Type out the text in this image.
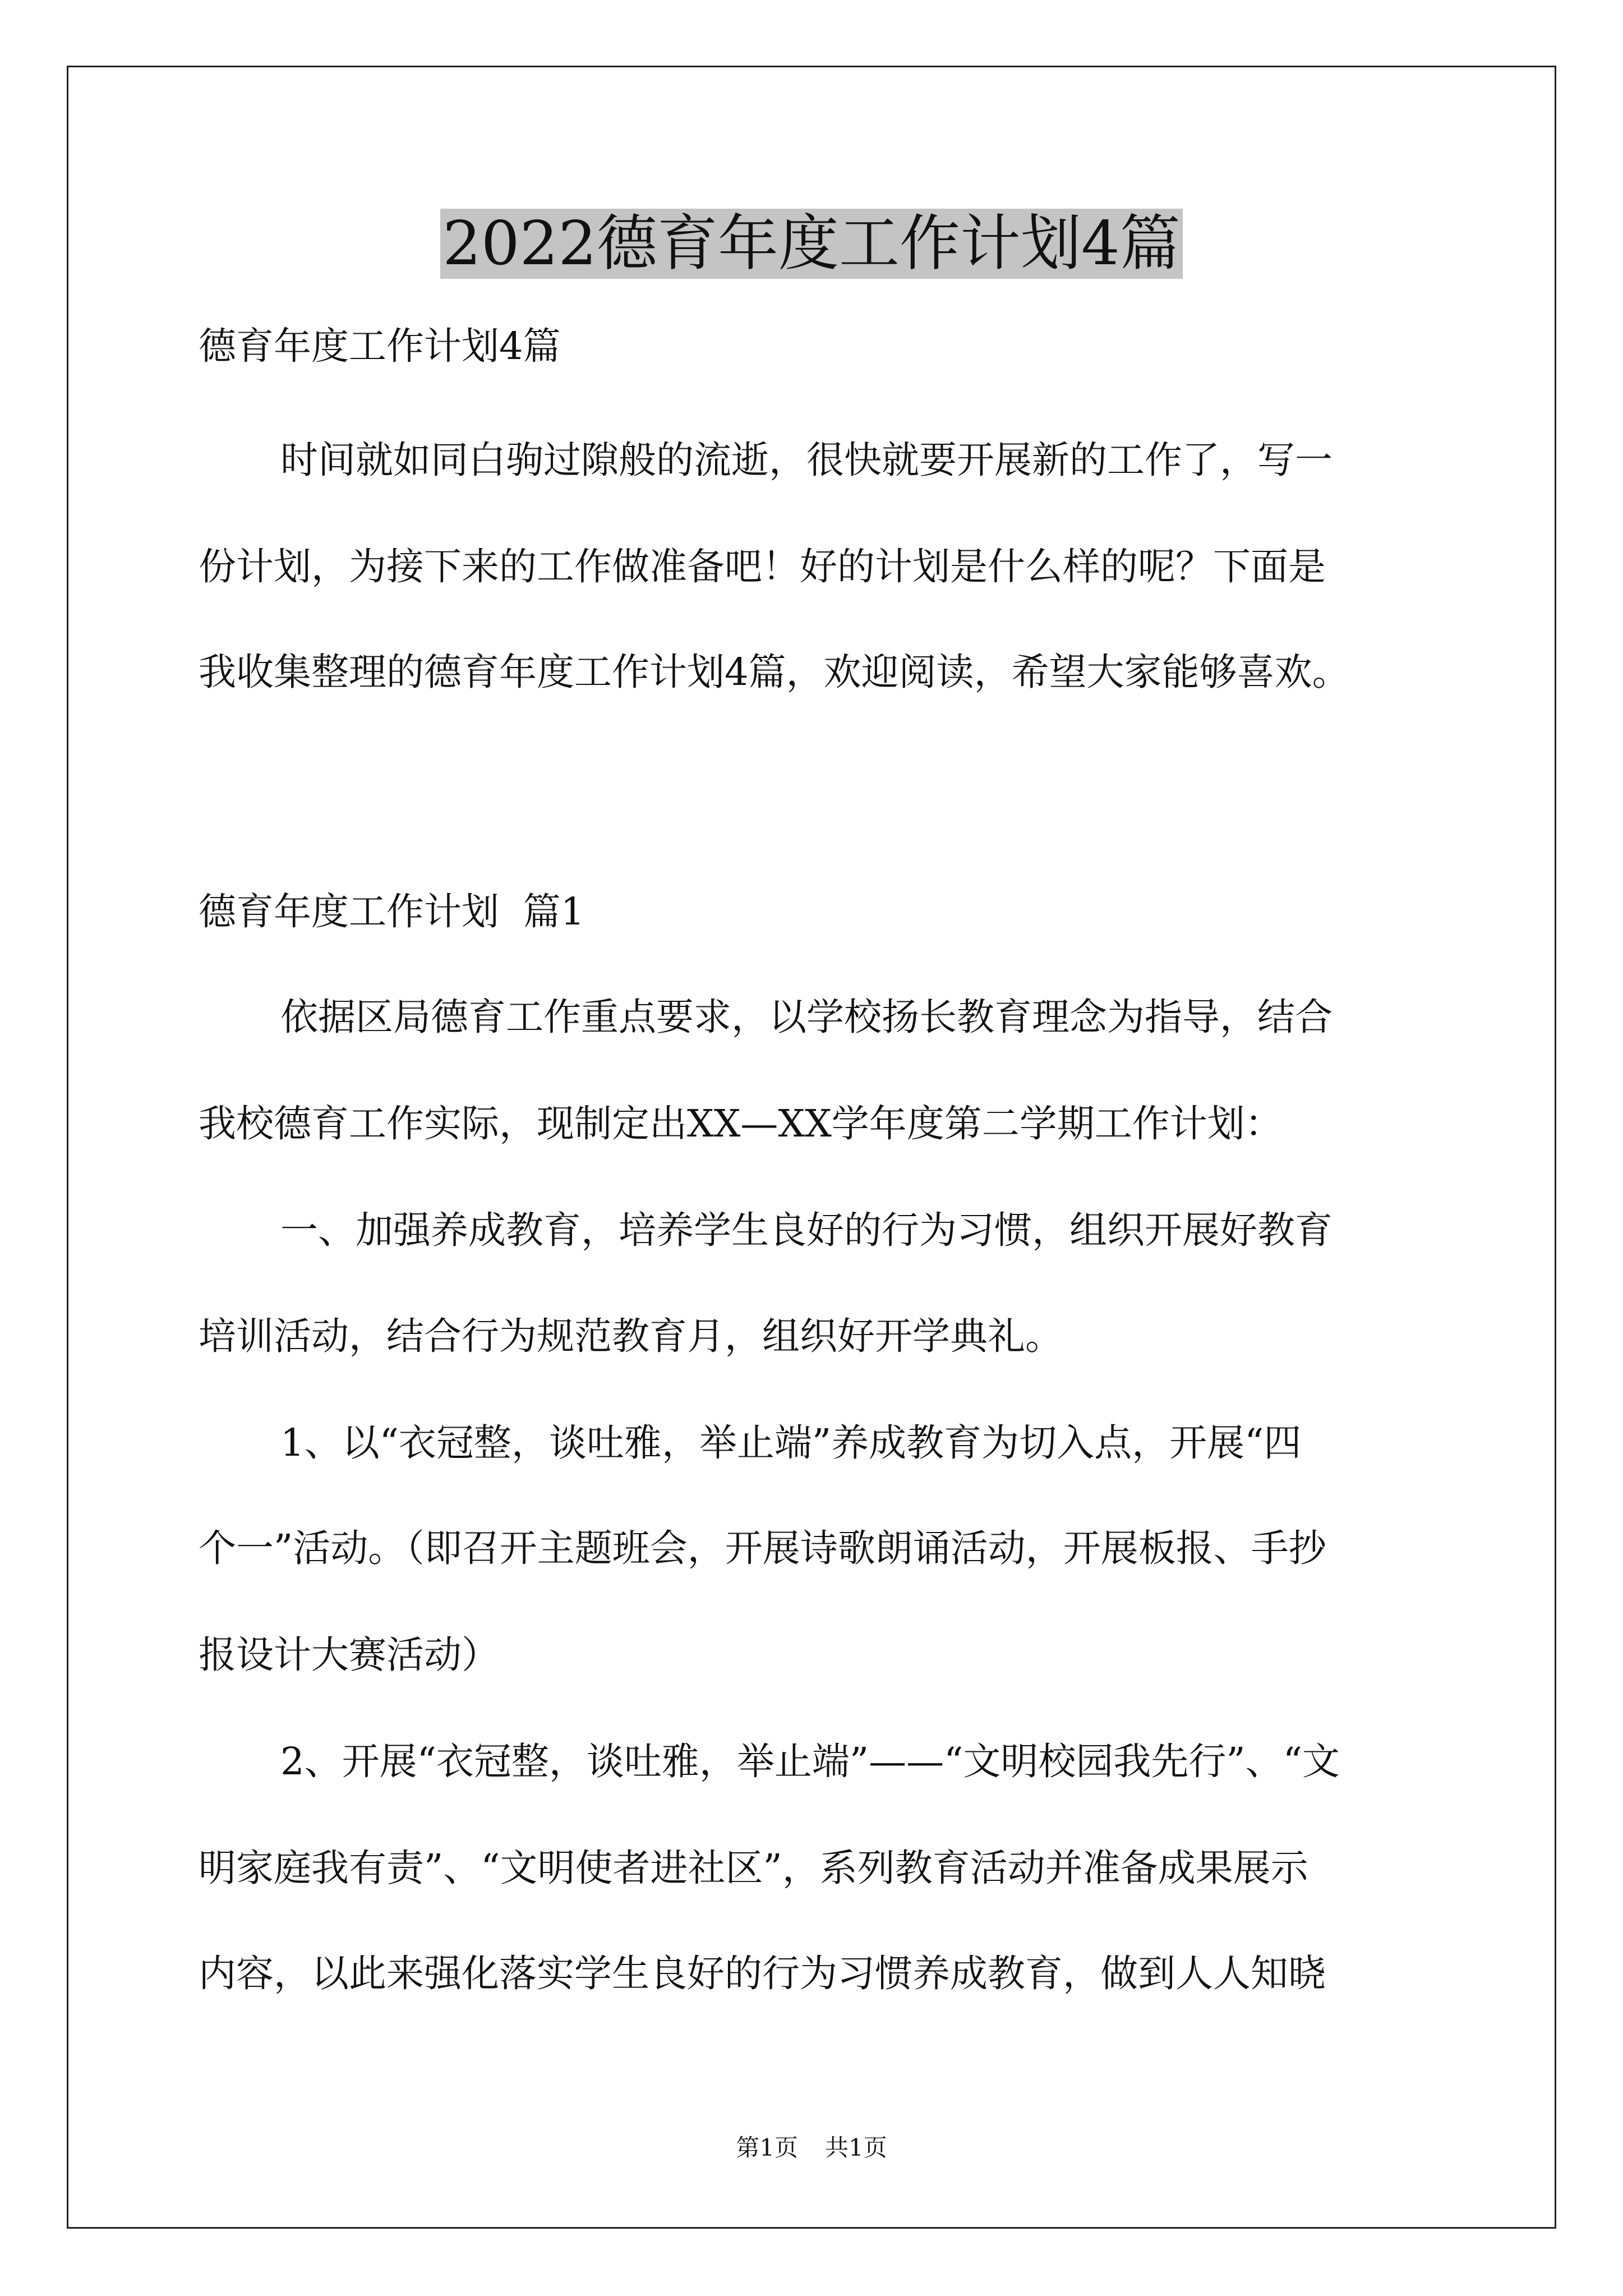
2022德育年度工作计划4篇

德育年度工作计划4篇

时间就如同白驹过隙般的流逝，很快就要开展新的工作了，写一

份计划，为接下来的工作做准备吧！好的计划是什么样的呢？下面是

我收集整理的德育年度工作计划4篇，欢迎阅读，希望大家能够喜欢。

德育年度工作计划  篇1

依据区局德育工作重点要求，以学校扬长教育理念为指导，结合

我校德育工作实际，现制定出XX—XX学年度第二学期工作计划：

一、加强养成教育，培养学生良好的行为习惯，组织开展好教育

培训活动，结合行为规范教育月，组织好开学典礼。

1、以“衣冠整，谈吐雅，举止端”养成教育为切入点，开展“四

个一”活动。（即召开主题班会，开展诗歌朗诵活动，开展板报、手抄

报设计大赛活动）

2、开展“衣冠整，谈吐雅，举止端”——“文明校园我先行”、“文

明家庭我有责”、“文明使者进社区”，系列教育活动并准备成果展示

内容，以此来强化落实学生良好的行为习惯养成教育，做到人人知晓

第1页 共1页
